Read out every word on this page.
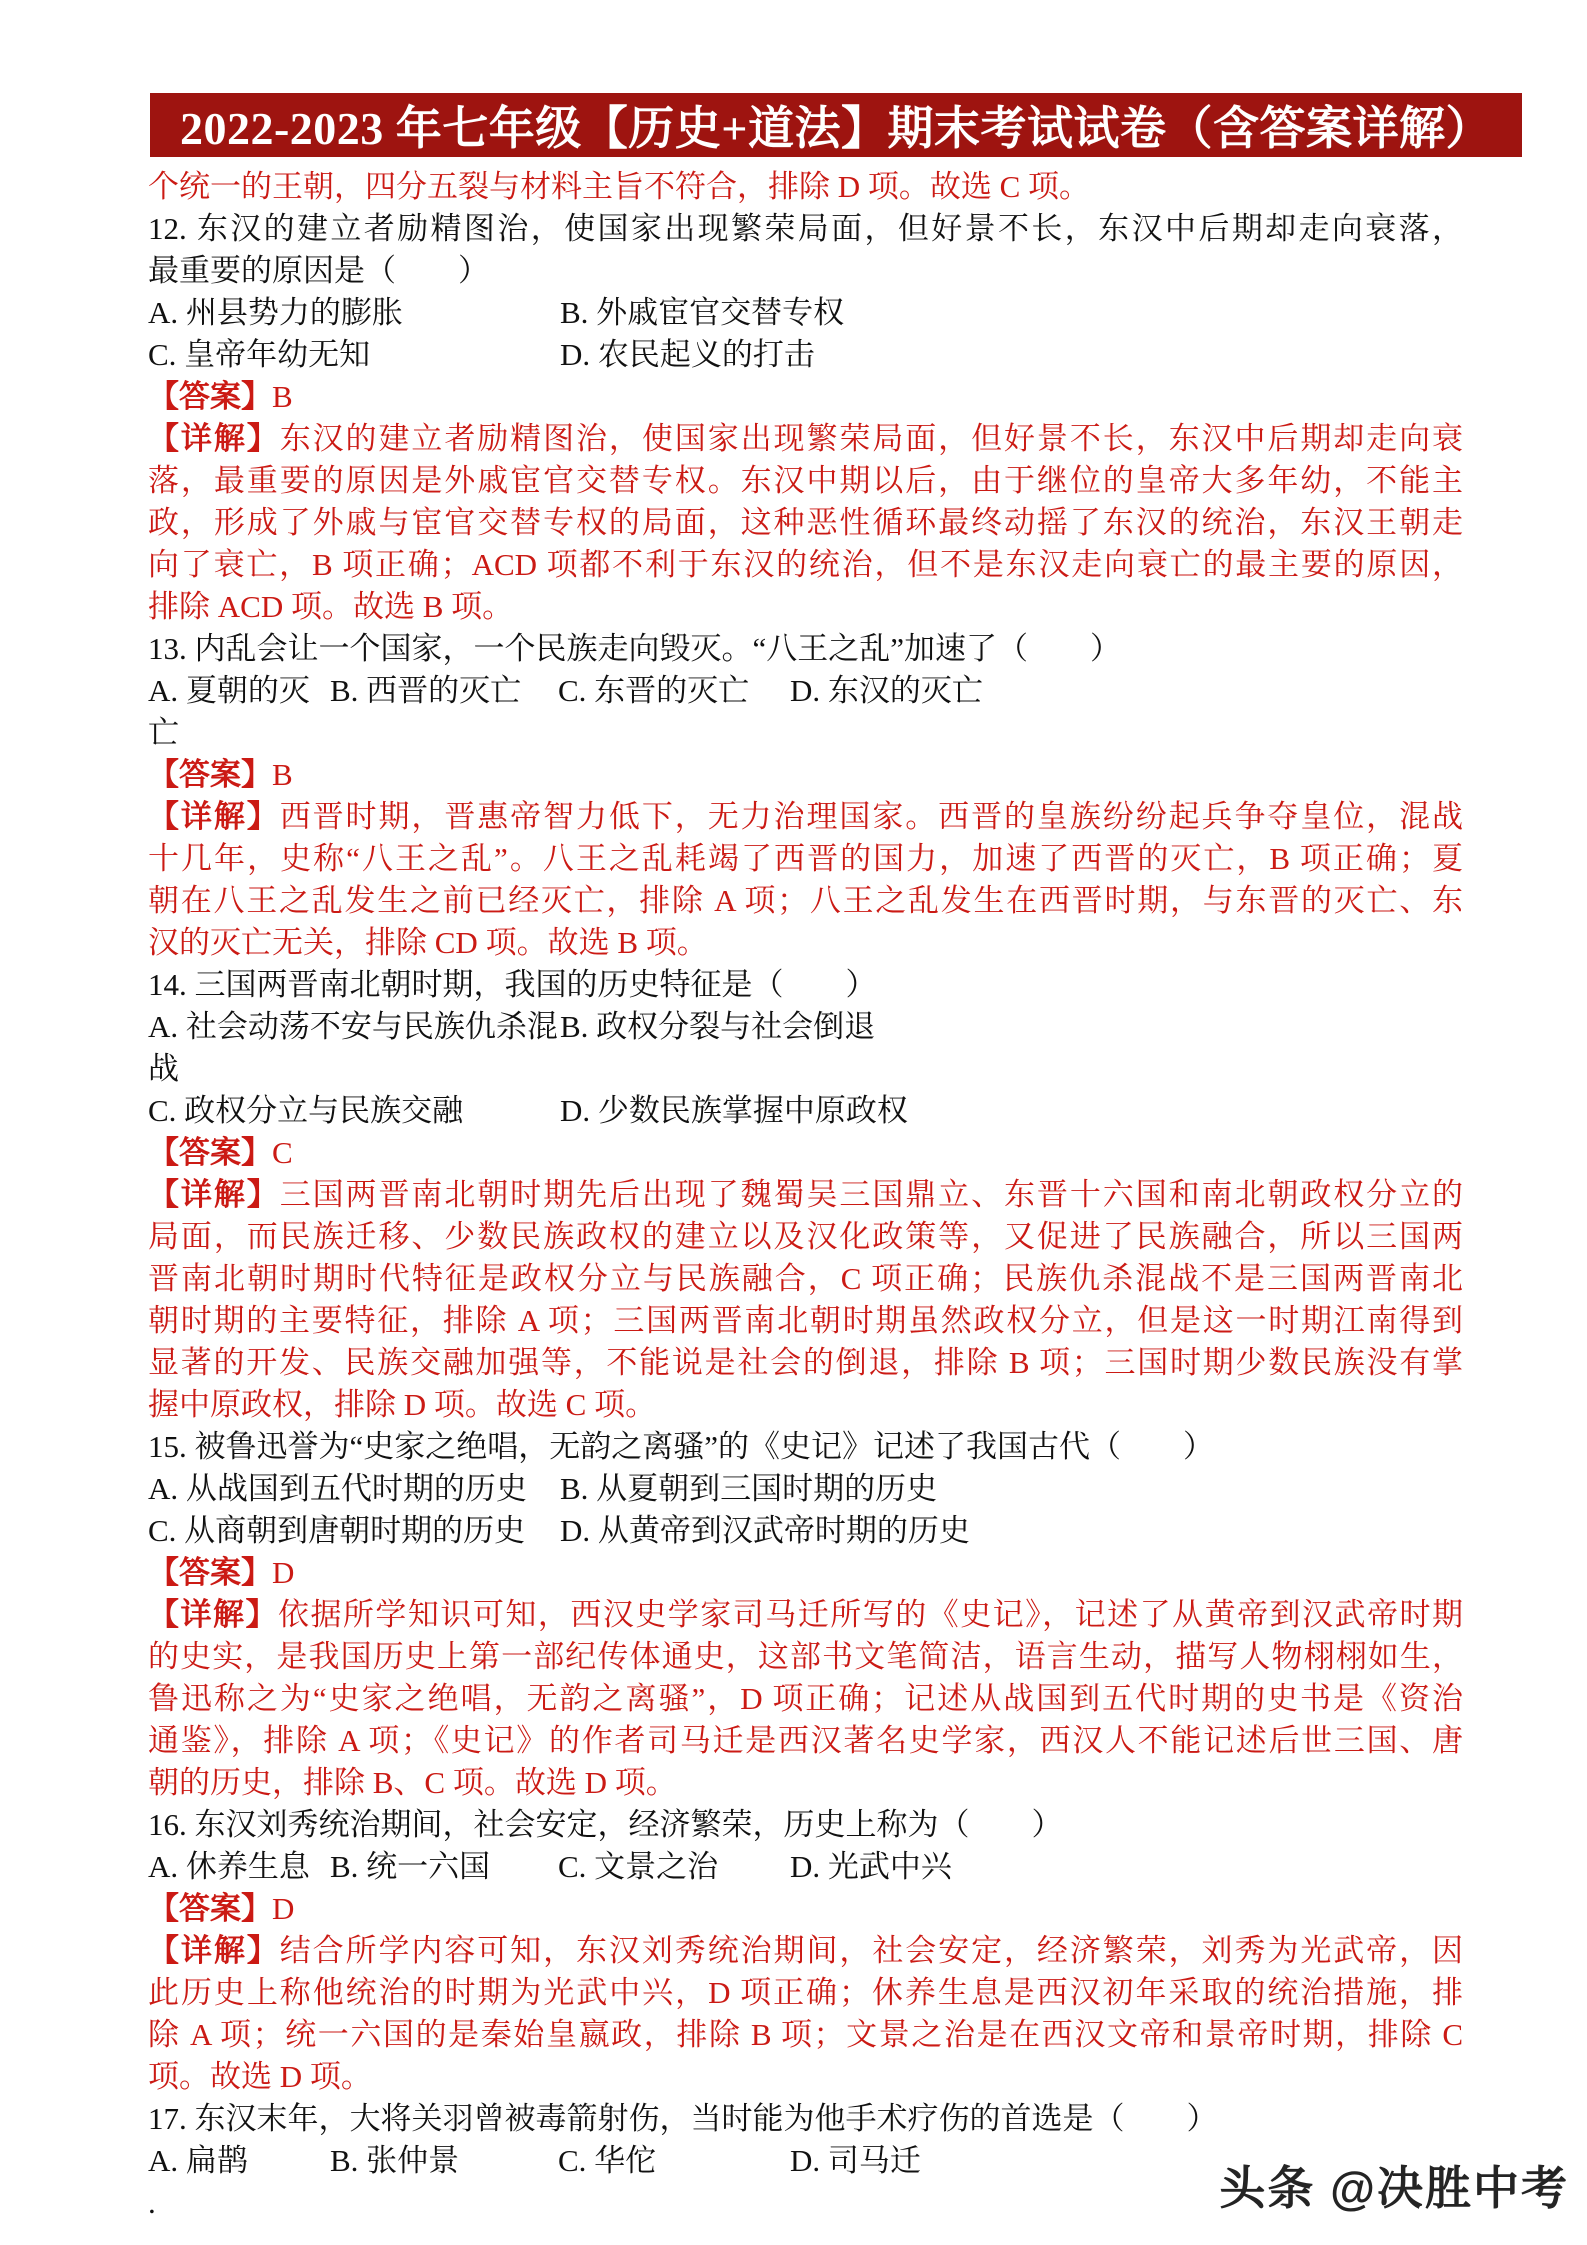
2022-2023 年七年级【历史+道法】期末考试试卷（含答案详解）
个统一的王朝，四分五裂与材料主旨不符合，排除 D 项。故选 C 项。
12. 东汉的建立者励精图治，使国家出现繁荣局面，但好景不长，东汉中后期却走向衰落，
最重要的原因是（　　）
A. 州县势力的膨胀	B. 外戚宦官交替专权
C. 皇帝年幼无知	D. 农民起义的打击
【答案】B
【详解】东汉的建立者励精图治，使国家出现繁荣局面，但好景不长，东汉中后期却走向衰
落，最重要的原因是外戚宦官交替专权。东汉中期以后，由于继位的皇帝大多年幼，不能主
政，形成了外戚与宦官交替专权的局面，这种恶性循环最终动摇了东汉的统治，东汉王朝走
向了衰亡，B 项正确；ACD 项都不利于东汉的统治，但不是东汉走向衰亡的最主要的原因，
排除 ACD 项。故选 B 项。
13. 内乱会让一个国家，一个民族走向毁灭。“八王之乱”加速了（　　）
A. 夏朝的灭亡
B. 西晋的灭亡	C. 东晋的灭亡	D. 东汉的灭亡
【答案】B
【详解】西晋时期，晋惠帝智力低下，无力治理国家。西晋的皇族纷纷起兵争夺皇位，混战
十几年，史称“八王之乱”。八王之乱耗竭了西晋的国力，加速了西晋的灭亡，B 项正确；夏
朝在八王之乱发生之前已经灭亡，排除 A 项；八王之乱发生在西晋时期，与东晋的灭亡、东
汉的灭亡无关，排除 CD 项。故选 B 项。
14. 三国两晋南北朝时期，我国的历史特征是（　　）
A. 社会动荡不安与民族仇杀混战
B. 政权分裂与社会倒退
C. 政权分立与民族交融	D. 少数民族掌握中原政权
【答案】C
【详解】三国两晋南北朝时期先后出现了魏蜀吴三国鼎立、东晋十六国和南北朝政权分立的
局面，而民族迁移、少数民族政权的建立以及汉化政策等，又促进了民族融合，所以三国两
晋南北朝时期时代特征是政权分立与民族融合，C 项正确；民族仇杀混战不是三国两晋南北
朝时期的主要特征，排除 A 项；三国两晋南北朝时期虽然政权分立，但是这一时期江南得到
显著的开发、民族交融加强等，不能说是社会的倒退，排除 B 项；三国时期少数民族没有掌
握中原政权，排除 D 项。故选 C 项。
15. 被鲁迅誉为“史家之绝唱，无韵之离骚”的《史记》记述了我国古代（　　）
A. 从战国到五代时期的历史	B. 从夏朝到三国时期的历史
C. 从商朝到唐朝时期的历史	D. 从黄帝到汉武帝时期的历史
【答案】D
【详解】依据所学知识可知，西汉史学家司马迁所写的《史记》，记述了从黄帝到汉武帝时期
的史实，是我国历史上第一部纪传体通史，这部书文笔简洁，语言生动，描写人物栩栩如生，
鲁迅称之为“史家之绝唱，无韵之离骚”，D 项正确；记述从战国到五代时期的史书是《资治
通鉴》，排除 A 项；《史记》的作者司马迁是西汉著名史学家，西汉人不能记述后世三国、唐
朝的历史，排除 B、C 项。故选 D 项。
16. 东汉刘秀统治期间，社会安定，经济繁荣，历史上称为（　　）
A. 休养生息 B. 统一六国	C. 文景之治	D. 光武中兴
【答案】D
【详解】结合所学内容可知，东汉刘秀统治期间，社会安定，经济繁荣，刘秀为光武帝，因
此历史上称他统治的时期为光武中兴，D 项正确；休养生息是西汉初年采取的统治措施，排
除 A 项；统一六国的是秦始皇嬴政，排除 B 项；文景之治是在西汉文帝和景帝时期，排除 C
项。故选 D 项。
17. 东汉末年，大将关羽曾被毒箭射伤，当时能为他手术疗伤的首选是（　　）
A. 扁鹊	B. 张仲景	C. 华佗	D. 司马迁
.	头条 @决胜中考
